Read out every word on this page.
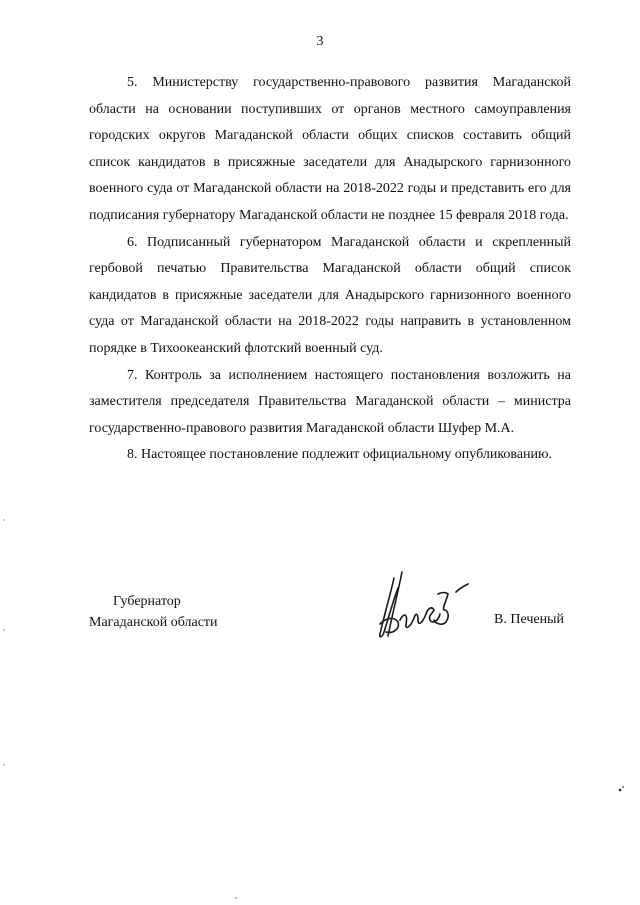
3

5. Министерству государственно-правового развития Магаданской области на основании поступивших от органов местного самоуправления городских округов Магаданской области общих списков составить общий список кандидатов в присяжные заседатели для Анадырского гарнизонного военного суда от Магаданской области на 2018-2022 годы и представить его для подписания губернатору Магаданской области не позднее 15 февраля 2018 года.

6. Подписанный губернатором Магаданской области и скрепленный гербовой печатью Правительства Магаданской области общий список кандидатов в присяжные заседатели для Анадырского гарнизонного военного суда от Магаданской области на 2018-2022 годы направить в установленном порядке в Тихоокеанский флотский военный суд.

7. Контроль за исполнением настоящего постановления возложить на заместителя председателя Правительства Магаданской области – министра государственно-правового развития Магаданской области Шуфер М.А.

8. Настоящее постановление подлежит официальному опубликованию.

Губернатор
Магаданской области	В. Печеный
